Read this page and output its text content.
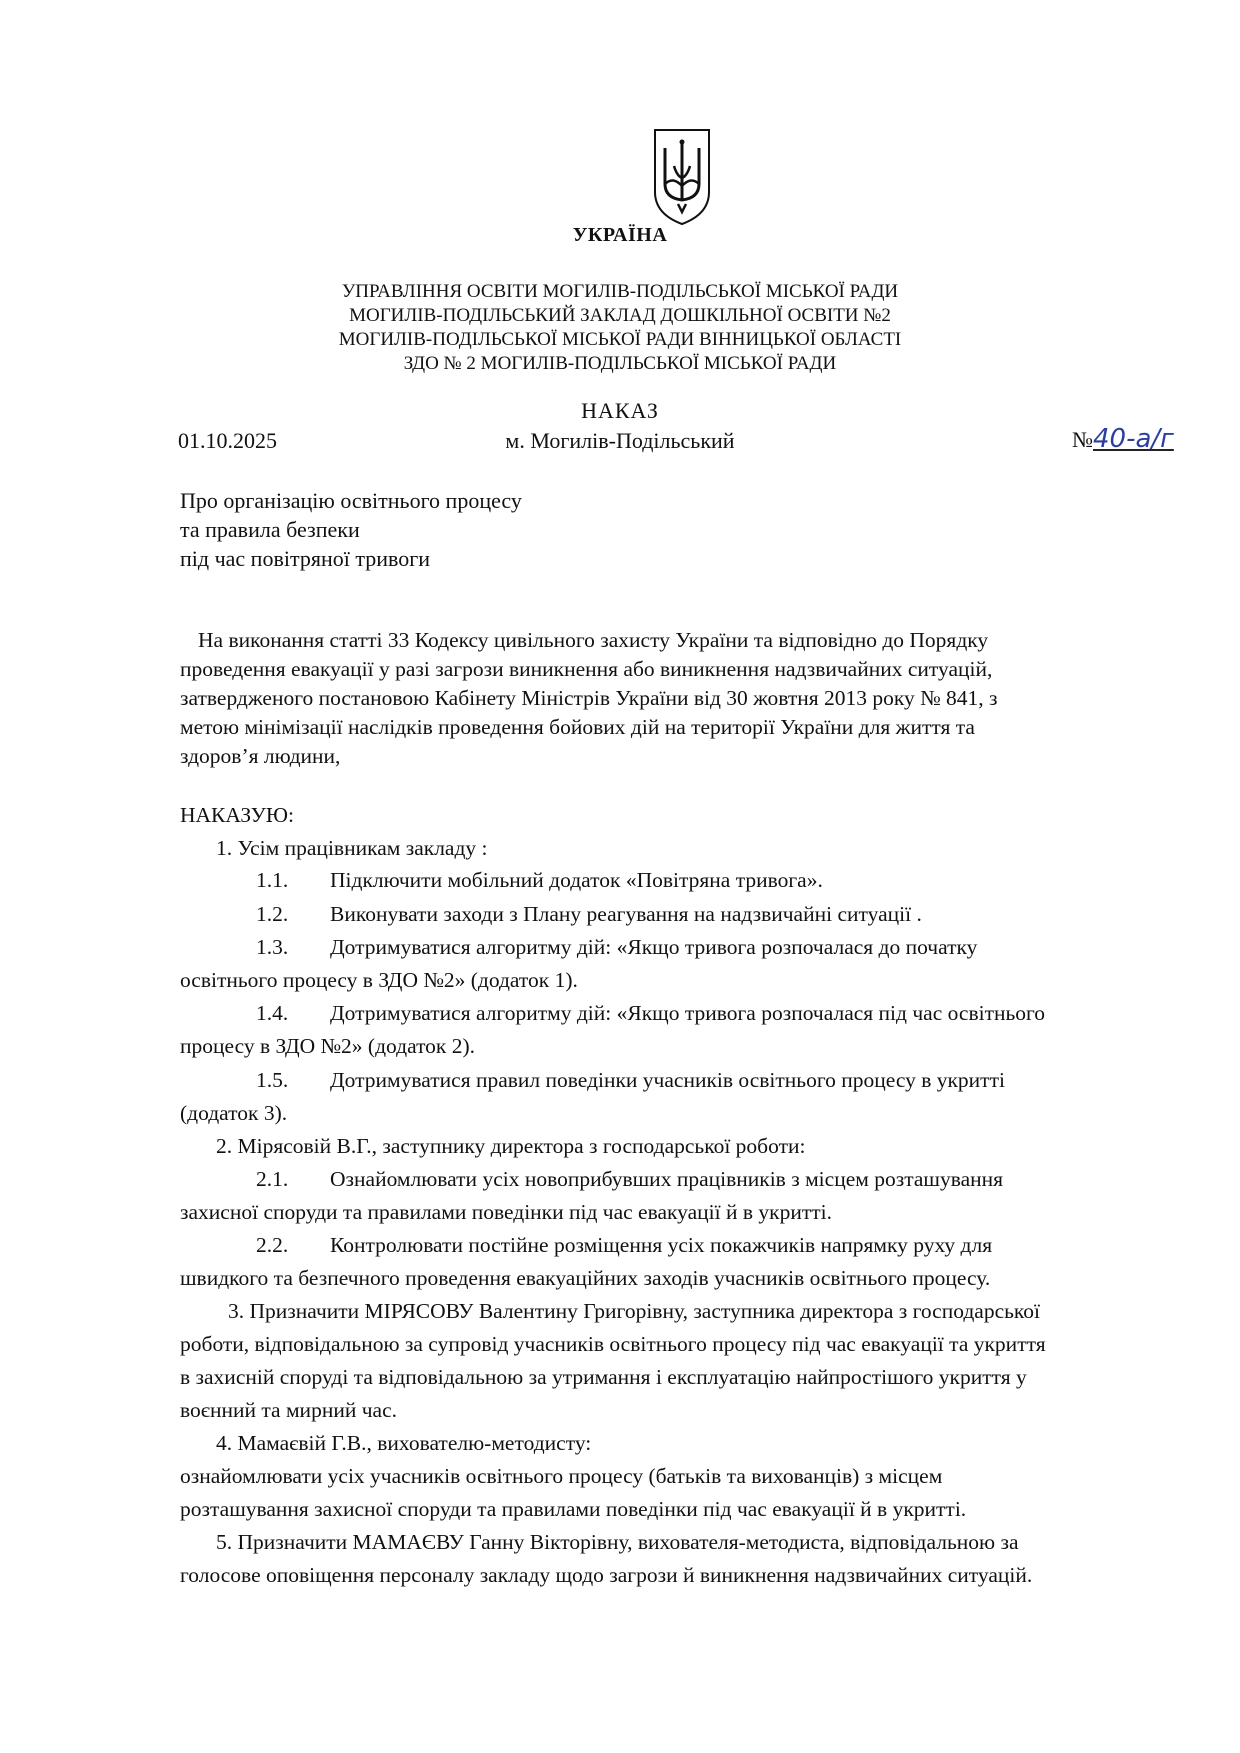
УКРАЇНА
УПРАВЛІННЯ ОСВІТИ МОГИЛІВ-ПОДІЛЬСЬКОЇ МІСЬКОЇ РАДИ
МОГИЛІВ-ПОДІЛЬСЬКИЙ ЗАКЛАД ДОШКІЛЬНОЇ ОСВІТИ №2
МОГИЛІВ-ПОДІЛЬСЬКОЇ МІСЬКОЇ РАДИ ВІННИЦЬКОЇ ОБЛАСТІ
ЗДО № 2 МОГИЛІВ-ПОДІЛЬСЬКОЇ МІСЬКОЇ РАДИ
НАКАЗ
01.10.2025	м. Могилів-Подільський	№40-а/г
Про організацію освітнього процесу
та правила безпеки
під час повітряної тривоги
На виконання статті 33 Кодексу цивільного захисту України та відповідно до Порядку
проведення евакуації у разі загрози виникнення або виникнення надзвичайних ситуацій,
затвердженого постановою Кабінету Міністрів України від 30 жовтня 2013 року № 841, з
метою мінімізації наслідків проведення бойових дій на території України для життя та
здоров’я людини,
НАКАЗУЮ:
1. Усім працівникам закладу :
1.1. Підключити мобільний додаток «Повітряна тривога».
1.2. Виконувати заходи з Плану реагування на надзвичайні ситуації .
1.3. Дотримуватися алгоритму дій: «Якщо тривога розпочалася до початку
освітнього процесу в ЗДО №2» (додаток 1).
1.4. Дотримуватися алгоритму дій: «Якщо тривога розпочалася під час освітнього
процесу в ЗДО №2» (додаток 2).
1.5. Дотримуватися правил поведінки учасників освітнього процесу в укритті
(додаток 3).
2. Мірясовій В.Г., заступнику директора з господарської роботи:
2.1. Ознайомлювати усіх новоприбувших працівників з місцем розташування
захисної споруди та правилами поведінки під час евакуації й в укритті.
2.2. Контролювати постійне розміщення усіх покажчиків напрямку руху для
швидкого та безпечного проведення евакуаційних заходів учасників освітнього процесу.
3. Призначити МІРЯСОВУ Валентину Григорівну, заступника директора з господарської
роботи, відповідальною за супровід учасників освітнього процесу під час евакуації та укриття
в захисній споруді та відповідальною за утримання і експлуатацію найпростішого укриття у
воєнний та мирний час.
4. Мамаєвій Г.В., вихователю-методисту:
ознайомлювати усіх учасників освітнього процесу (батьків та вихованців) з місцем
розташування захисної споруди та правилами поведінки під час евакуації й в укритті.
5. Призначити МАМАЄВУ Ганну Вікторівну, вихователя-методиста, відповідальною за
голосове оповіщення персоналу закладу щодо загрози й виникнення надзвичайних ситуацій.
